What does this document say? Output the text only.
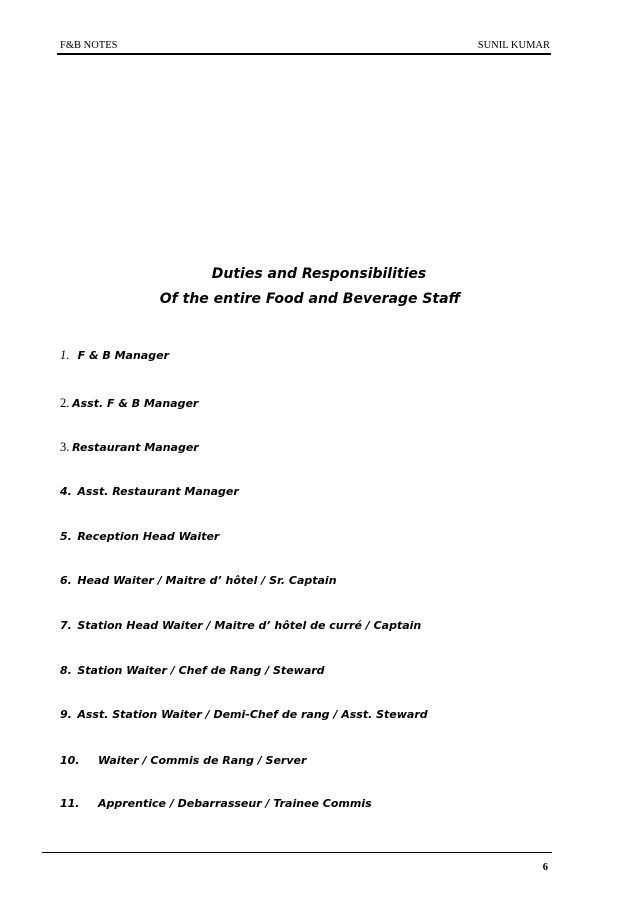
F&B NOTES	SUNIL KUMAR
Duties and Responsibilities
Of the entire Food and Beverage Staff
1. F & B Manager
2. Asst. F & B Manager
3. Restaurant Manager
4. Asst. Restaurant Manager
5. Reception Head Waiter
6. Head Waiter / Maitre d’ hôtel / Sr. Captain
7. Station Head Waiter / Maitre d’ hôtel de curré / Captain
8. Station Waiter / Chef de Rang / Steward
9. Asst. Station Waiter / Demi-Chef de rang / Asst. Steward
10. Waiter / Commis de Rang / Server
11. Apprentice / Debarrasseur / Trainee Commis
6
